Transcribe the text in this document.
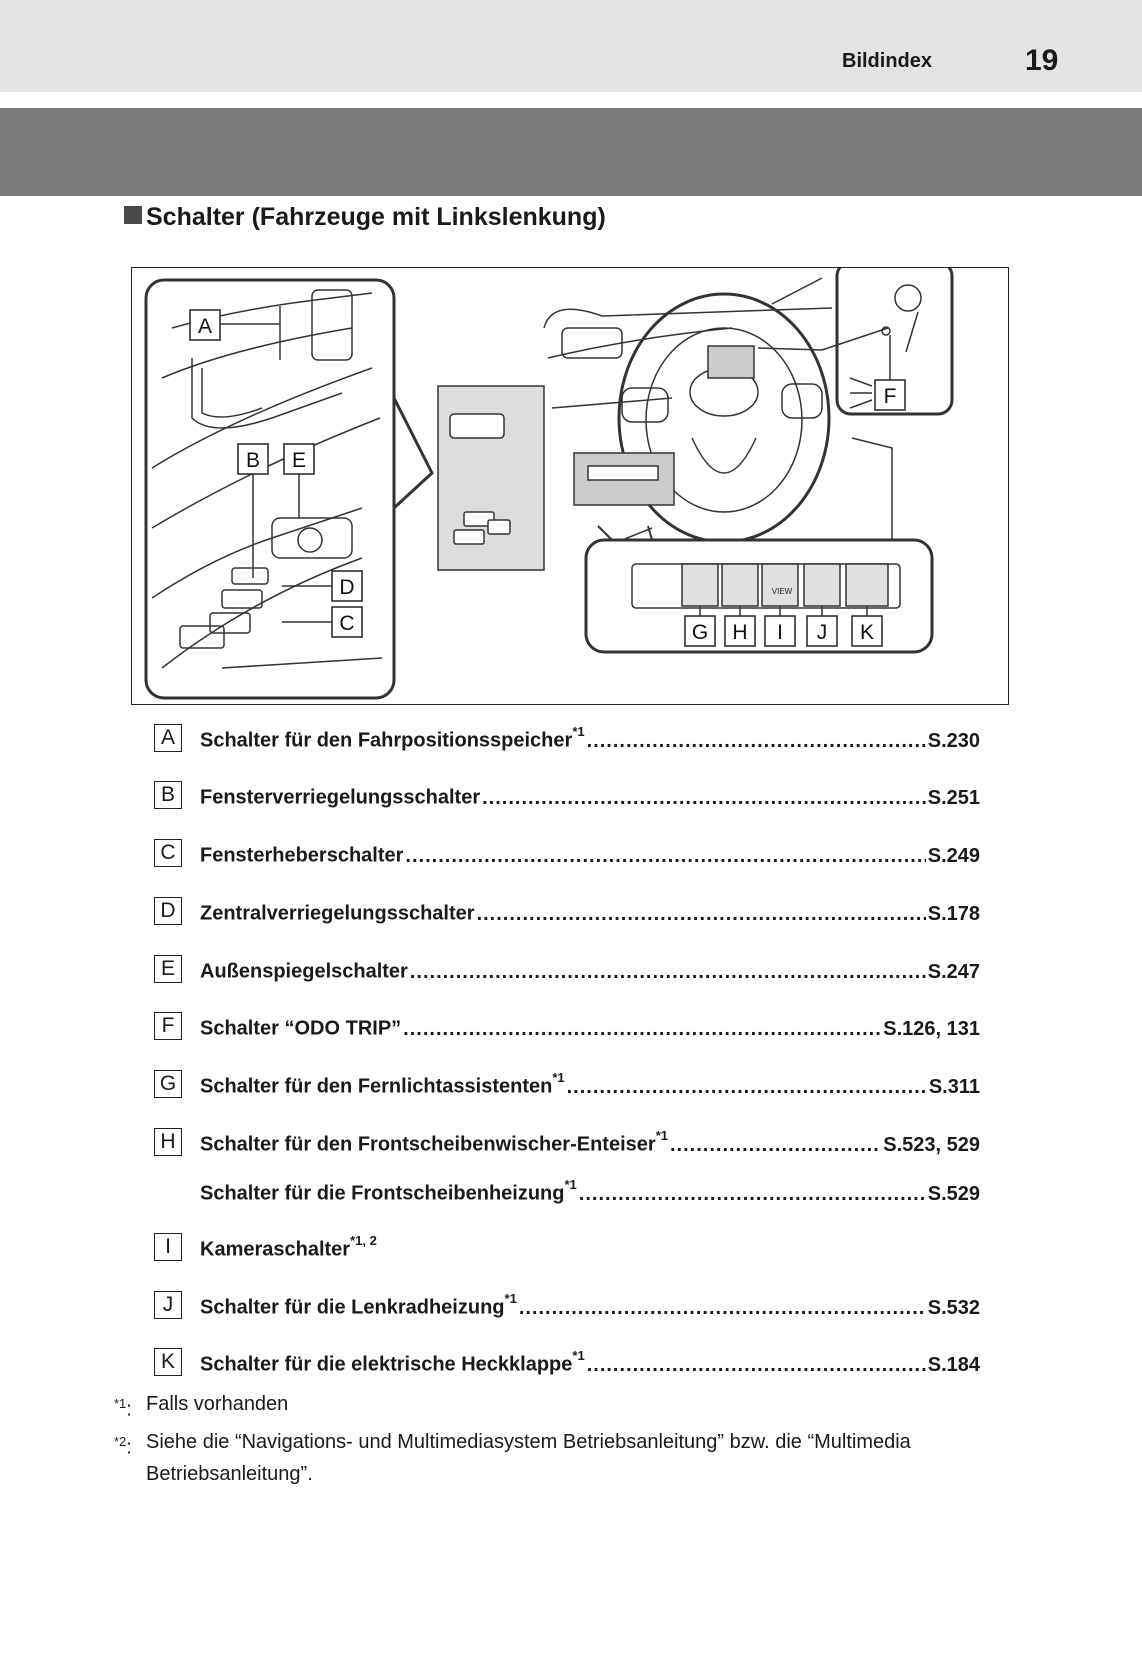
Bildindex	19
Schalter (Fahrzeuge mit Linkslenkung)
VIEW
A
B E
D
C
F
G H I J K
A	Schalter für den Fahrpositionsspeicher$^{*1}$ .....	S.230
B	Fensterverriegelungsschalter .....	S.251
C	Fensterheberschalter .....	S.249
D	Zentralverriegelungsschalter .....	S.178
E	Außenspiegelschalter .....	S.247
F	Schalter “ODO TRIP” .....	S.126, 131
G Schalter für den Fernlichtassistenten$^{*1}$ .....	S.311
H	Schalter für den Frontscheibenwischer-Enteiser$^{*1}$ .....	S.523, 529
Schalter für die Frontscheibenheizung$^{*1}$ .....	S.529
I	Kameraschalter$^{*1, 2}$
J	Schalter für die Lenkradheizung$^{*1}$ .....	S.532
K	Schalter für die elektrische Heckklappe$^{*1}$ .....	S.184
$^{*1}$: Falls vorhanden
$^{*2}$: Siehe die “Navigations- und Multimediasystem Betriebsanleitung” bzw. die “Multimedia Betriebsanleitung”.
